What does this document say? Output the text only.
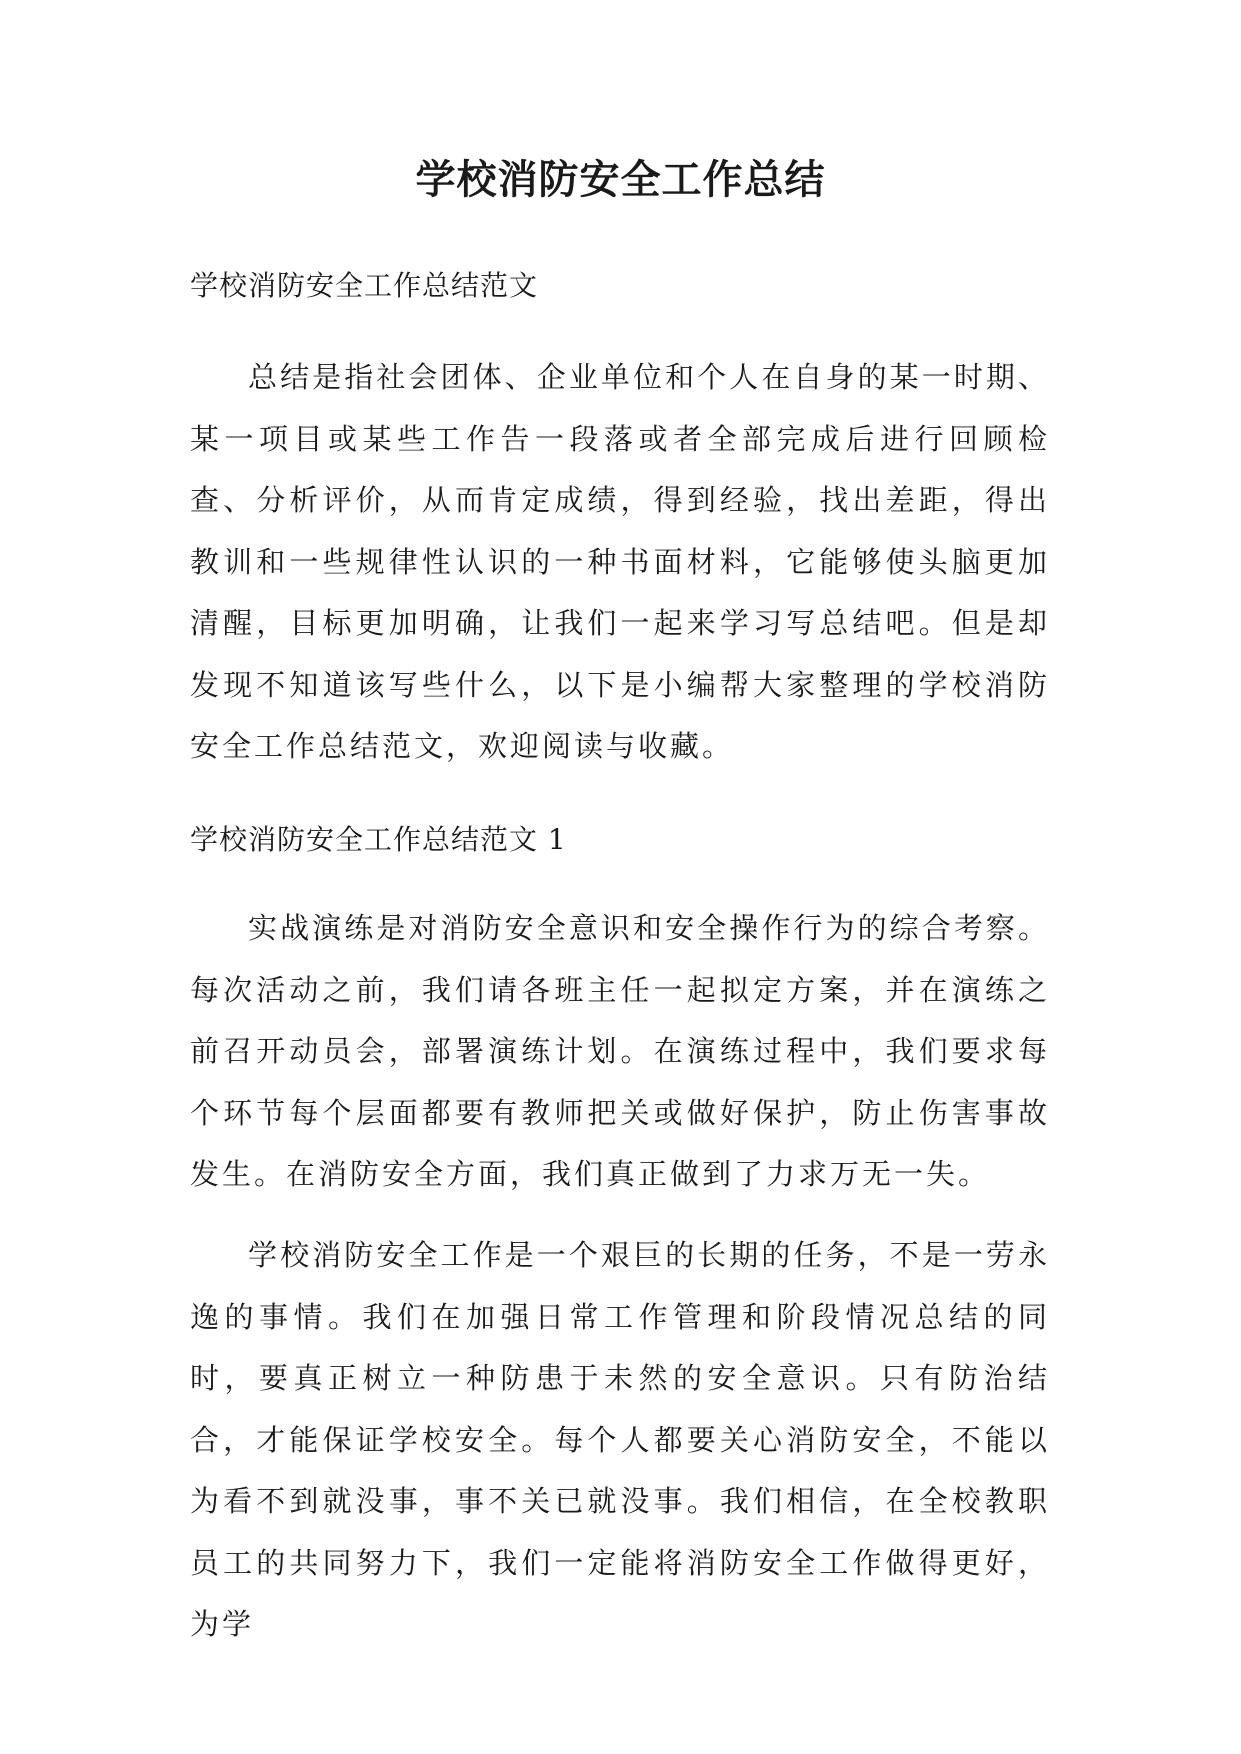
学校消防安全工作总结

学校消防安全工作总结范文

总结是指社会团体、企业单位和个人在自身的某一时期、某一项目或某些工作告一段落或者全部完成后进行回顾检查、分析评价，从而肯定成绩，得到经验，找出差距，得出教训和一些规律性认识的一种书面材料，它能够使头脑更加清醒，目标更加明确，让我们一起来学习写总结吧。但是却发现不知道该写些什么，以下是小编帮大家整理的学校消防安全工作总结范文，欢迎阅读与收藏。

学校消防安全工作总结范文 1

实战演练是对消防安全意识和安全操作行为的综合考察。每次活动之前，我们请各班主任一起拟定方案，并在演练之前召开动员会，部署演练计划。在演练过程中，我们要求每个环节每个层面都要有教师把关或做好保护，防止伤害事故发生。在消防安全方面，我们真正做到了力求万无一失。

学校消防安全工作是一个艰巨的长期的任务，不是一劳永逸的事情。我们在加强日常工作管理和阶段情况总结的同时，要真正树立一种防患于未然的安全意识。只有防治结合，才能保证学校安全。每个人都要关心消防安全，不能以为看不到就没事，事不关已就没事。我们相信，在全校教职员工的共同努力下，我们一定能将消防安全工作做得更好，为学
